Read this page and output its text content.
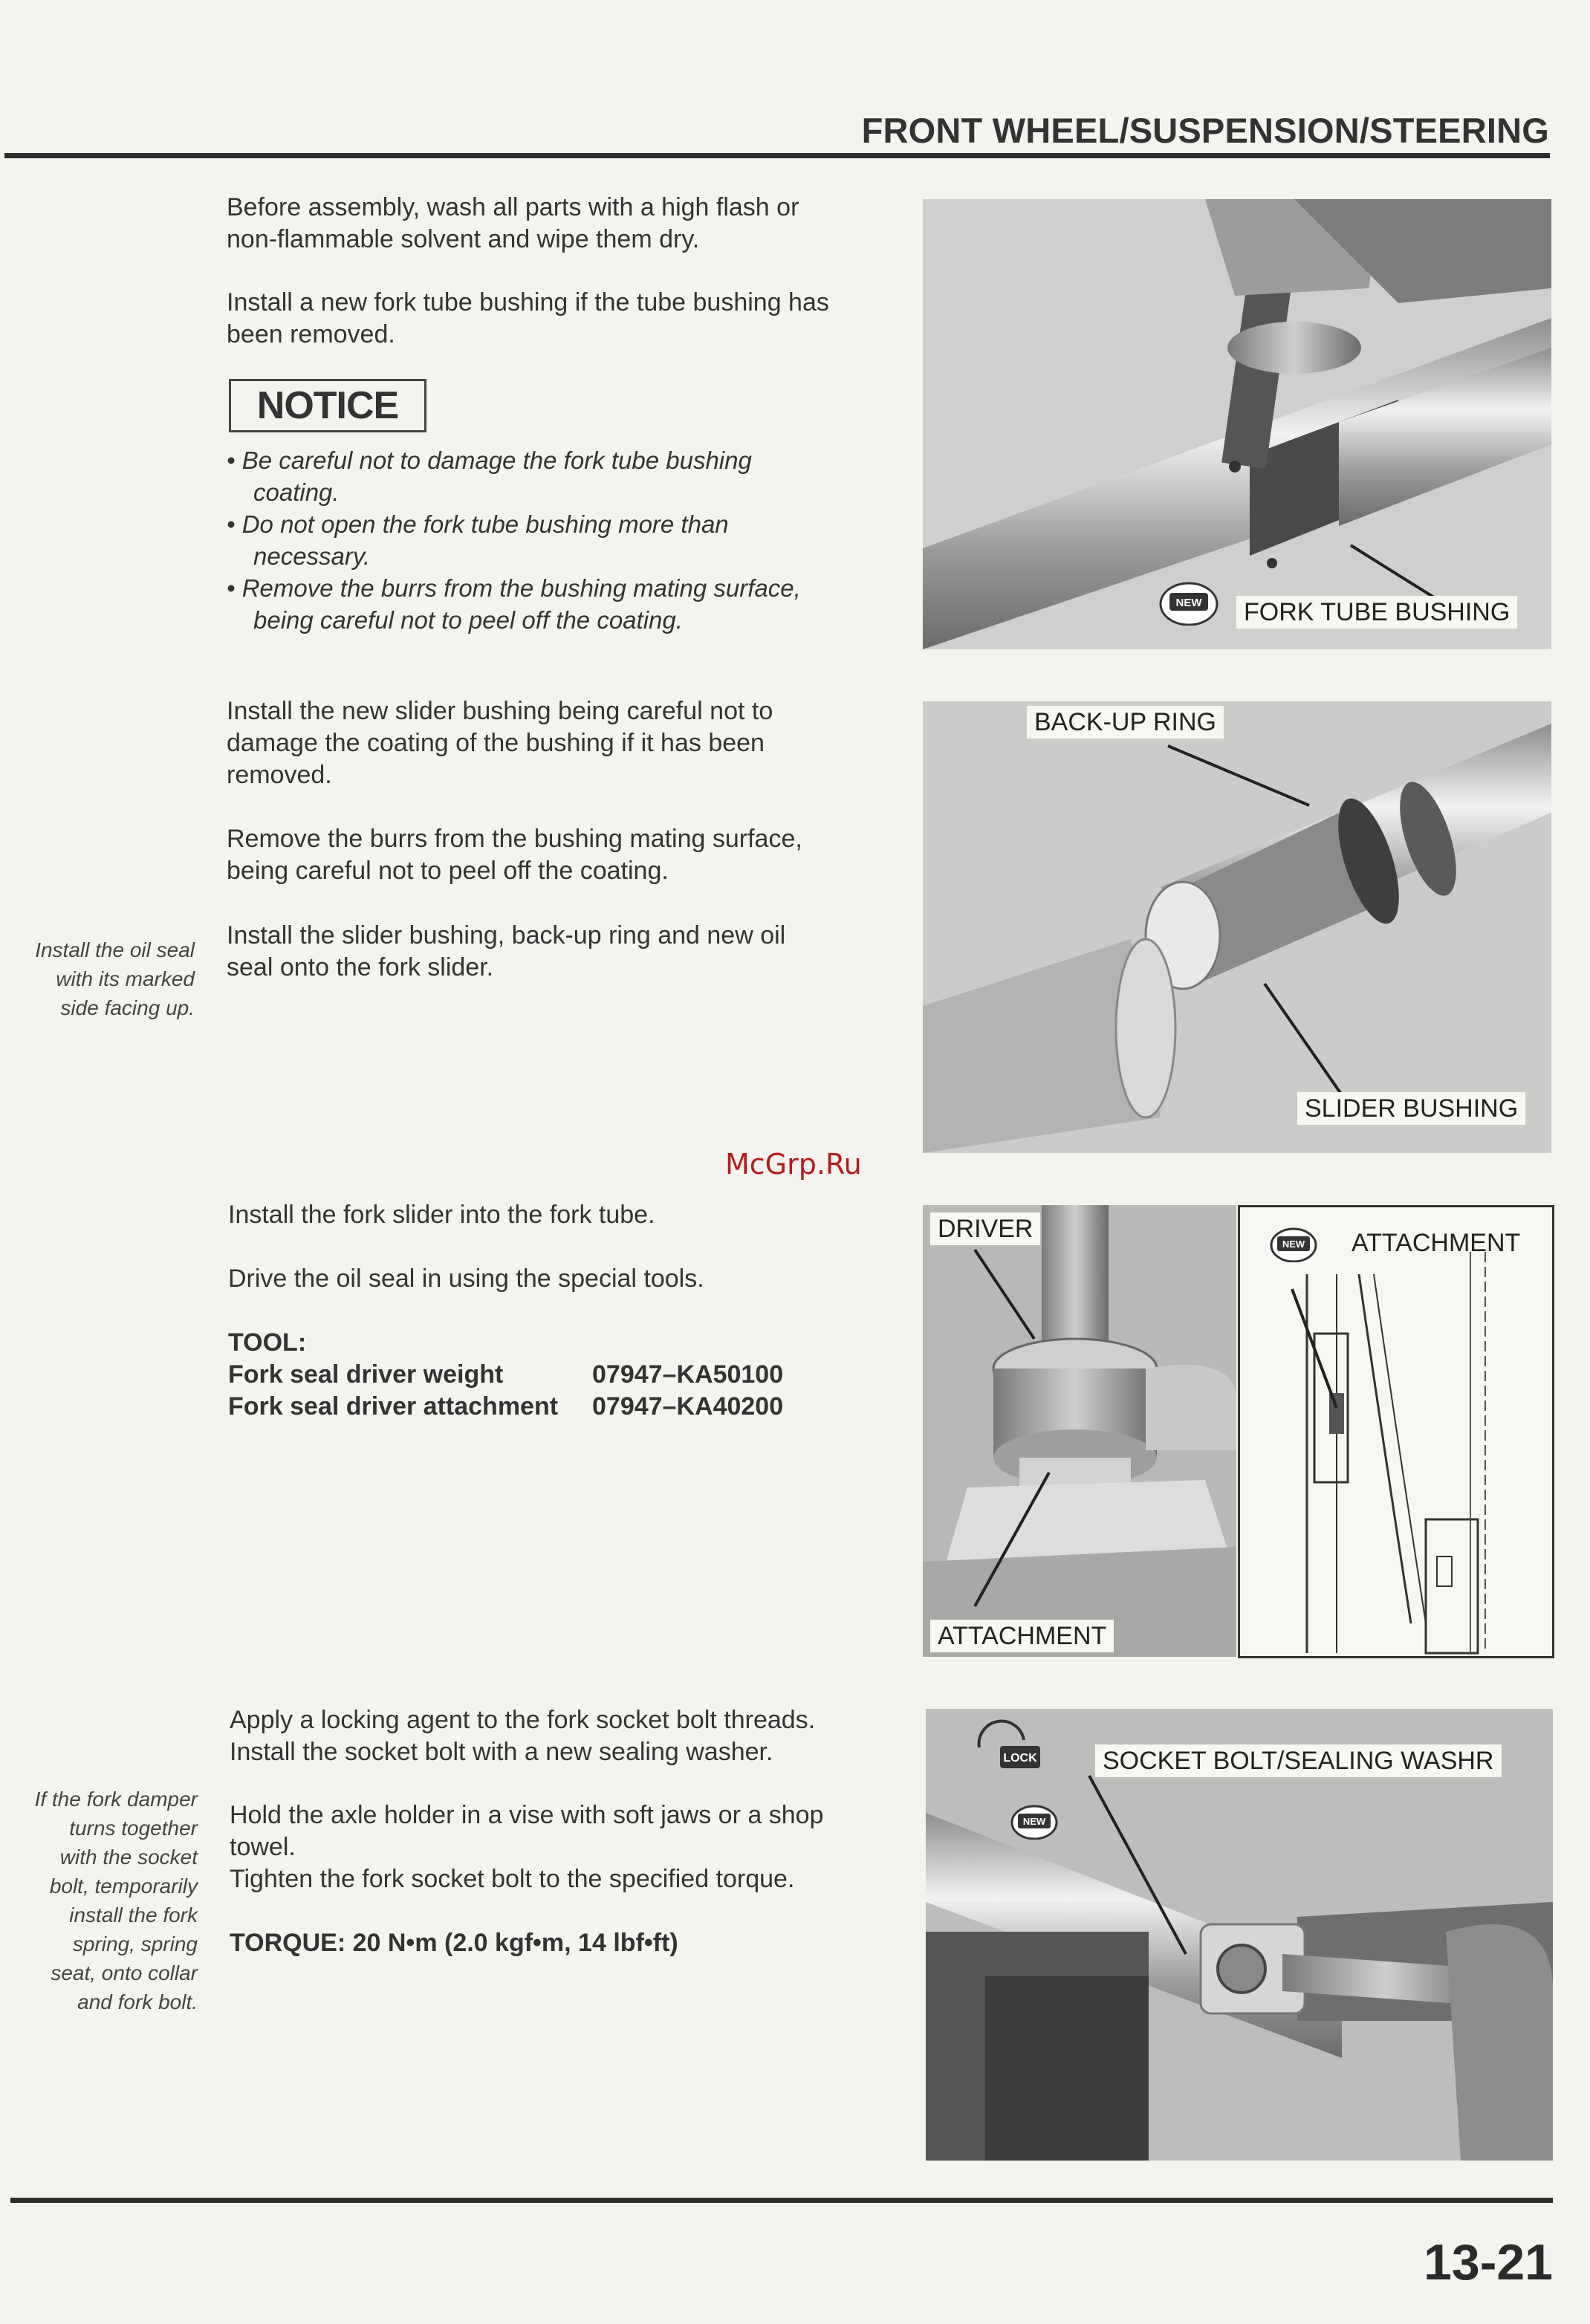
FRONT WHEEL/SUSPENSION/STEERING
Before assembly, wash all parts with a high flash or
non-flammable solvent and wipe them dry.
Install a new fork tube bushing if the tube bushing has
been removed.
NOTICE
• Be careful not to damage the fork tube bushing
coating.
• Do not open the fork tube bushing more than
necessary.
• Remove the burrs from the bushing mating surface,
being careful not to peel off the coating.
NEW FORK TUBE BUSHING
Install the new slider bushing being careful not to
damage the coating of the bushing if it has been
removed.
Remove the burrs from the bushing mating surface,
being careful not to peel off the coating.
Install the slider bushing, back-up ring and new oil
seal onto the fork slider.
Install the oil seal
with its marked
side facing up.
BACK-UP RING
SLIDER BUSHING
McGrp.Ru
Install the fork slider into the fork tube.
Drive the oil seal in using the special tools.
TOOL:
Fork seal driver weight	07947–KA50100
Fork seal driver attachment 07947–KA40200
DRIVER
ATTACHMENT
NEW ATTACHMENT
Apply a locking agent to the fork socket bolt threads.
Install the socket bolt with a new sealing washer.
Hold the axle holder in a vise with soft jaws or a shop
towel.
Tighten the fork socket bolt to the specified torque.
TORQUE: 20 N•m (2.0 kgf•m, 14 lbf•ft)
If the fork damper
turns together
with the socket
bolt, temporarily
install the fork
spring, spring
seat, onto collar
and fork bolt.
LOCK
NEW
SOCKET BOLT/SEALING WASHR
13-21
